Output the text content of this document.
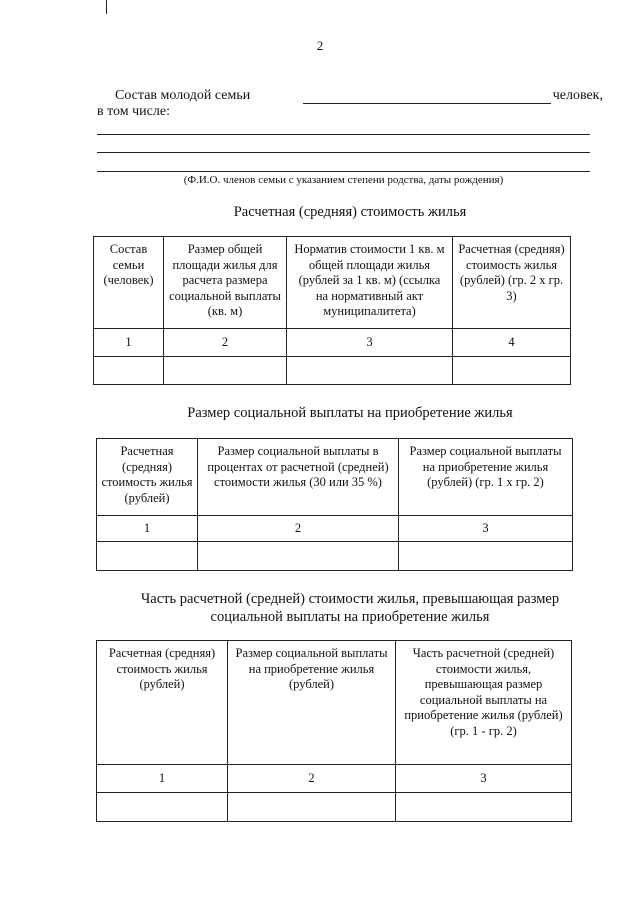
2
Состав молодой семьи	человек,
в том числе:
(Ф.И.О. членов семьи с указанием степени родства, даты рождения)
Расчетная (средняя) стоимость жилья
Состав семьи (человек)	Размер общей площади жилья для расчета размера социальной выплаты (кв. м)	Норматив стоимости 1 кв. м общей площади жилья (рублей за 1 кв. м) (ссылка на нормативный акт муниципалитета)	Расчетная (средняя) стоимость жилья (рублей) (гр. 2 х гр. 3)
1	2	3	4

Размер социальной выплаты на приобретение жилья
Расчетная (средняя) стоимость жилья (рублей)	Размер социальной выплаты в процентах от расчетной (средней) стоимости жилья (30 или 35 %)	Размер социальной выплаты на приобретение жилья (рублей) (гр. 1 х гр. 2)
1	2	3

Часть расчетной (средней) стоимости жилья, превышающая размер социальной выплаты на приобретение жилья
Расчетная (средняя) стоимость жилья (рублей)	Размер социальной выплаты на приобретение жилья (рублей)	Часть расчетной (средней) стоимости жилья, превышающая размер социальной выплаты на приобретение жилья (рублей) (гр. 1 - гр. 2)
1	2	3
